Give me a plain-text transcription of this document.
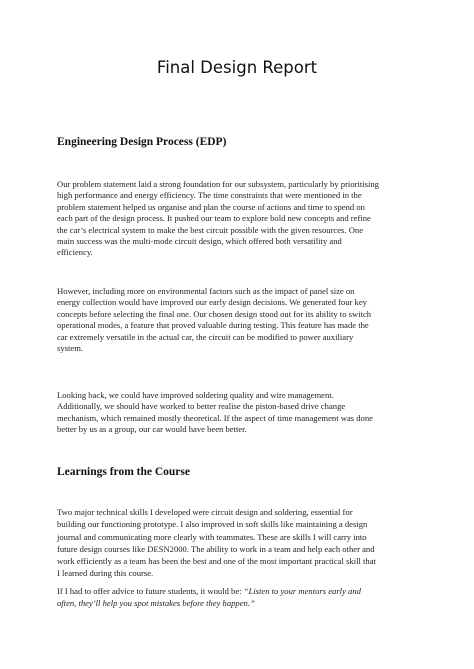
Final Design Report
Engineering Design Process (EDP)
Our problem statement laid a strong foundation for our subsystem, particularly by prioritising
high performance and energy efficiency. The time constraints that were mentioned in the
problem statement helped us organise and plan the course of actions and time to spend on
each part of the design process. It pushed our team to explore bold new concepts and refine
the car’s electrical system to make the best circuit possible with the given resources. One
main success was the multi-mode circuit design, which offered both versatility and
efficiency.
However, including more on environmental factors such as the impact of panel size on
energy collection would have improved our early design decisions. We generated four key
concepts before selecting the final one. Our chosen design stood out for its ability to switch
operational modes, a feature that proved valuable during testing. This feature has made the
car extremely versatile in the actual car, the circuit can be modified to power auxiliary
system.
Looking back, we could have improved soldering quality and wire management.
Additionally, we should have worked to better realise the piston-based drive change
mechanism, which remained mostly theoretical. If the aspect of time management was done
better by us as a group, our car would have been better.
Learnings from the Course
Two major technical skills I developed were circuit design and soldering, essential for
building our functioning prototype. I also improved in soft skills like maintaining a design
journal and communicating more clearly with teammates. These are skills I will carry into
future design courses like DESN2000. The ability to work in a team and help each other and
work efficiently as a team has been the best and one of the most important practical skill that
I learned during this course.
If I had to offer advice to future students, it would be: “Listen to your mentors early and
often, they’ll help you spot mistakes before they happen.”
